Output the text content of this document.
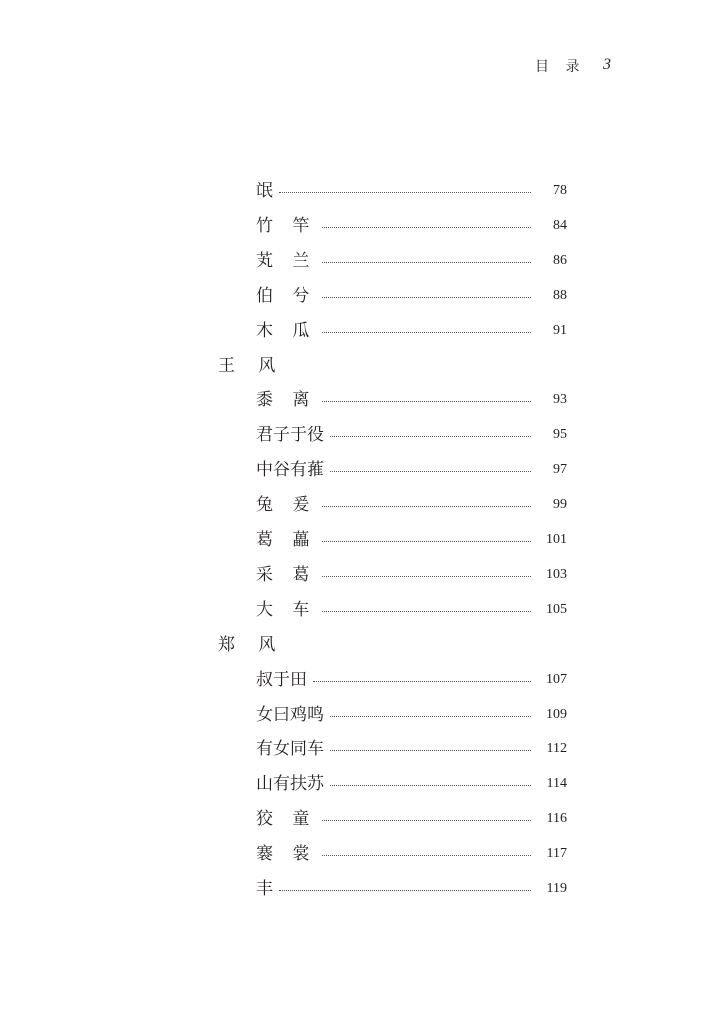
目 录 3
氓	78
竹 竿	84
芄 兰	86
伯 兮	88
木 瓜	91
王 风
黍 离	93
君子于役	95
中谷有蓷	97
兔 爰	99
葛 藟	101
采 葛	103
大 车	105
郑 风
叔于田	107
女曰鸡鸣	109
有女同车	112
山有扶苏	114
狡 童	116
褰 裳	117
丰	119
